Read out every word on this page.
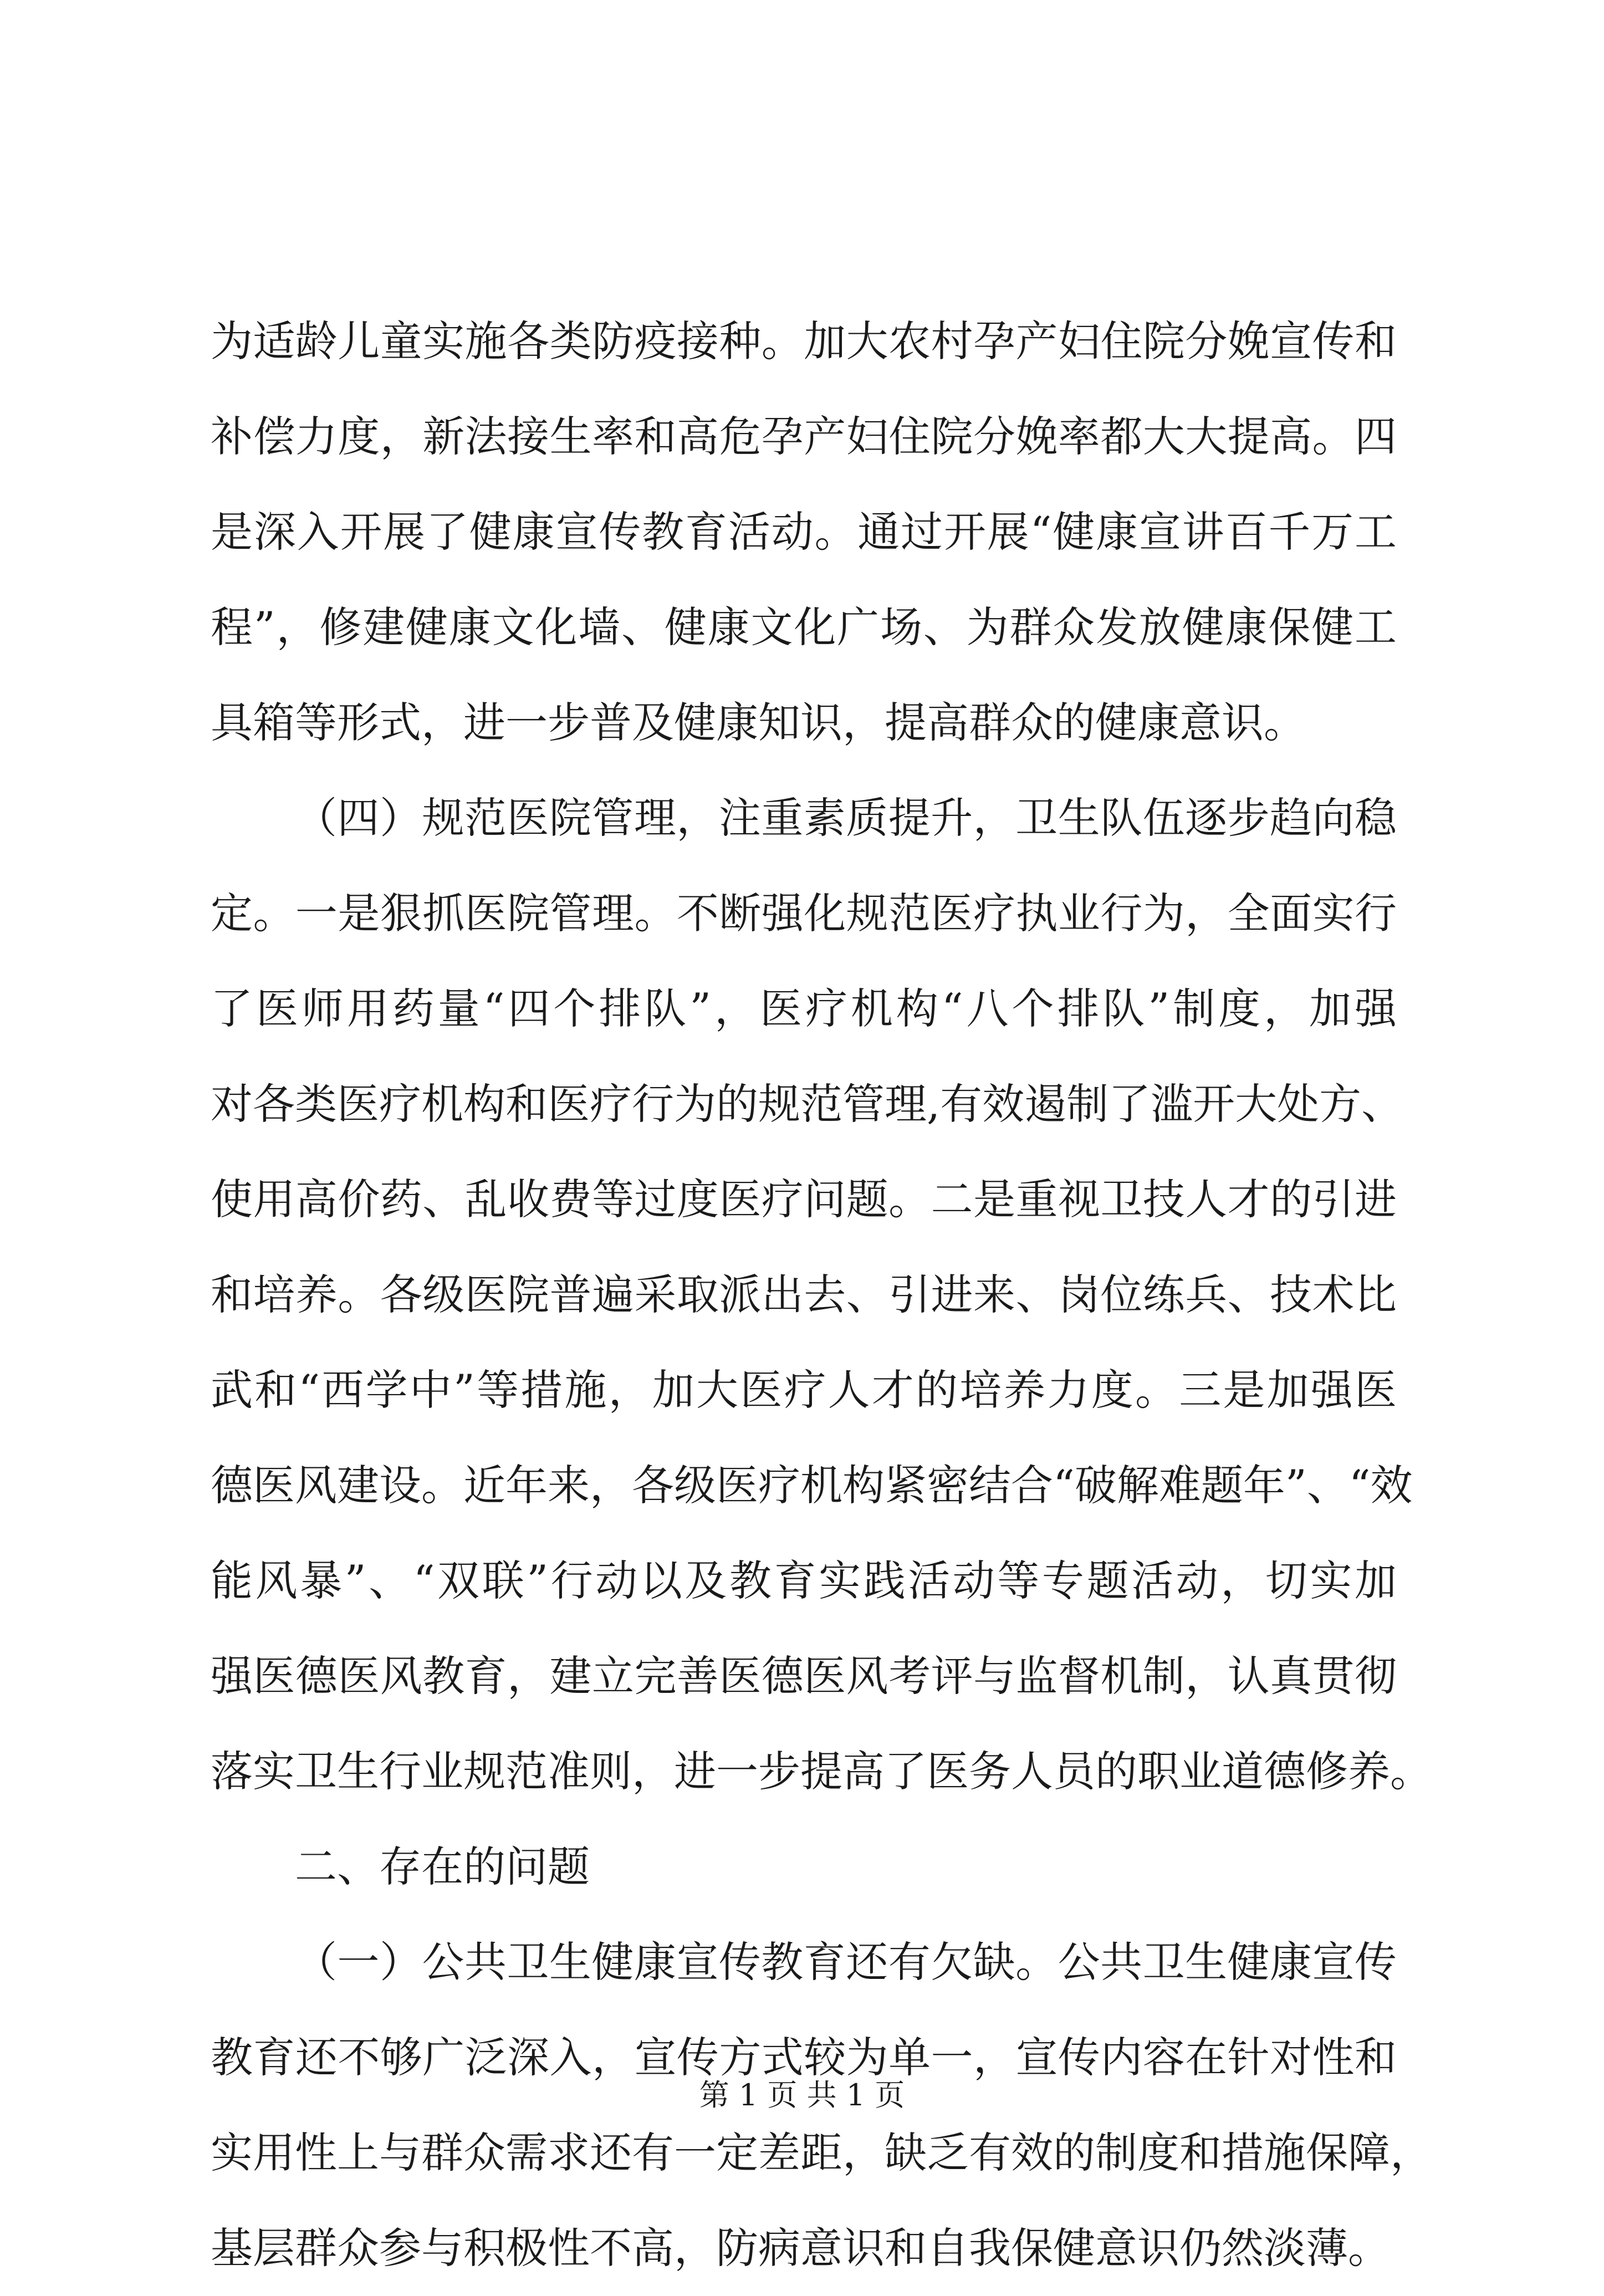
为适龄儿童实施各类防疫接种。加大农村孕产妇住院分娩宣传和
补偿力度，新法接生率和高危孕产妇住院分娩率都大大提高。四
是深入开展了健康宣传教育活动。通过开展“健康宣讲百千万工
程”，修建健康文化墙、健康文化广场、为群众发放健康保健工
具箱等形式，进一步普及健康知识，提高群众的健康意识。
（四）规范医院管理，注重素质提升，卫生队伍逐步趋向稳
定。一是狠抓医院管理。不断强化规范医疗执业行为，全面实行
了医师用药量“四个排队”，医疗机构“八个排队”制度，加强
对各类医疗机构和医疗行为的规范管理,有效遏制了滥开大处方、
使用高价药、乱收费等过度医疗问题。二是重视卫技人才的引进
和培养。各级医院普遍采取派出去、引进来、岗位练兵、技术比
武和“西学中”等措施，加大医疗人才的培养力度。三是加强医
德医风建设。近年来，各级医疗机构紧密结合“破解难题年”、“效
能风暴”、“双联”行动以及教育实践活动等专题活动，切实加
强医德医风教育，建立完善医德医风考评与监督机制，认真贯彻
落实卫生行业规范准则，进一步提高了医务人员的职业道德修养。
二、存在的问题
（一）公共卫生健康宣传教育还有欠缺。公共卫生健康宣传
教育还不够广泛深入，宣传方式较为单一，宣传内容在针对性和
实用性上与群众需求还有一定差距，缺乏有效的制度和措施保障，
基层群众参与积极性不高，防病意识和自我保健意识仍然淡薄。
第 1 页 共 1 页
